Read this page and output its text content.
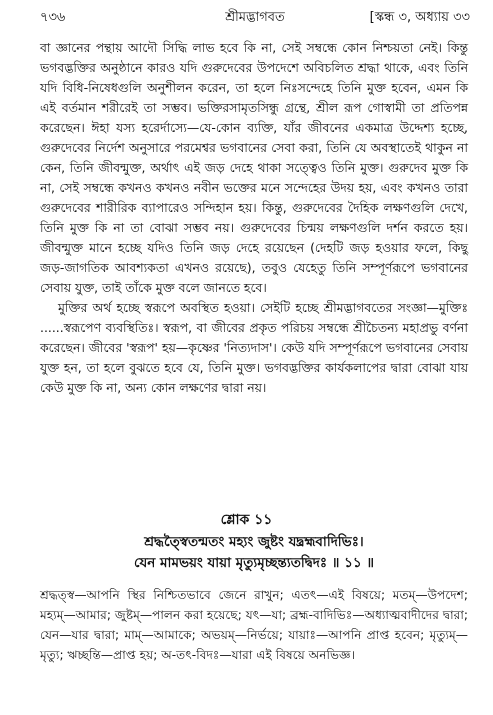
৭৩৬	শ্রীমদ্ভাগবত	[স্কন্ধ ৩, অধ্যায় ৩৩

বা জ্ঞানের পন্থায় আদৌ সিদ্ধি লাভ হবে কি না, সেই সম্বন্ধে কোন নিশ্চয়তা নেই। কিন্তু ভগবদ্ভক্তির অনুষ্ঠানে কারও যদি গুরুদেবের উপদেশে অবিচলিত শ্রদ্ধা থাকে, এবং তিনি যদি বিধি-নিষেধগুলি অনুশীলন করেন, তা হলে নিঃসন্দেহে তিনি মুক্ত হবেন, এমন কি এই বর্তমান শরীরেই তা সম্ভব। ভক্তিরসামৃতসিন্ধু গ্রন্থে, শ্রীল রূপ গোস্বামী তা প্রতিপন্ন করেছেন। ঈহা যস্য হরের্দাস্যে—যে-কোন ব্যক্তি, যাঁর জীবনের একমাত্র উদ্দেশ্য হচ্ছে, গুরুদেবের নির্দেশ অনুসারে পরমেশ্বর ভগবানের সেবা করা, তিনি যে অবস্থাতেই থাকুন না কেন, তিনি জীবন্মুক্ত, অর্থাৎ এই জড় দেহে থাকা সত্ত্বেও তিনি মুক্ত। গুরুদেব মুক্ত কি না, সেই সম্বন্ধে কখনও কখনও নবীন ভক্তের মনে সন্দেহের উদয় হয়, এবং কখনও তারা গুরুদেবের শারীরিক ব্যাপারেও সন্দিহান হয়। কিন্তু, গুরুদেবের দৈহিক লক্ষণগুলি দেখে, তিনি মুক্ত কি না তা বোঝা সম্ভব নয়। গুরুদেবের চিন্ময় লক্ষণগুলি দর্শন করতে হয়। জীবন্মুক্ত মানে হচ্ছে যদিও তিনি জড় দেহে রয়েছেন (দেহটি জড় হওয়ার ফলে, কিছু জড়-জাগতিক আবশ্যকতা এখনও রয়েছে), তবুও যেহেতু তিনি সম্পূর্ণরূপে ভগবানের সেবায় যুক্ত, তাই তাঁকে মুক্ত বলে জানতে হবে।

মুক্তির অর্থ হচ্ছে স্বরূপে অবস্থিত হওয়া। সেইটি হচ্ছে শ্রীমদ্ভাগবতের সংজ্ঞা—মুক্তিঃ ......স্বরূপেণ ব্যবস্থিতিঃ। স্বরূপ, বা জীবের প্রকৃত পরিচয় সম্বন্ধে শ্রীচৈতন্য মহাপ্রভু বর্ণনা করেছেন। জীবের 'স্বরূপ' হয়—কৃষ্ণের 'নিত্যদাস'। কেউ যদি সম্পূর্ণরূপে ভগবানের সেবায় যুক্ত হন, তা হলে বুঝতে হবে যে, তিনি মুক্ত। ভগবদ্ভক্তির কার্যকলাপের দ্বারা বোঝা যায় কেউ মুক্ত কি না, অন্য কোন লক্ষণের দ্বারা নয়।

শ্লোক ১১

শ্রদ্ধত্স্বৈতন্মতং মহ্যং জুষ্টং যদ্ব্রহ্মবাদিভিঃ।

যেন মামভয়ং যায়া মৃত্যুমৃচ্ছন্ত্যতদ্বিদঃ ॥ ১১ ॥

শ্রদ্ধত্স্ব—আপনি স্থির নিশ্চিতভাবে জেনে রাখুন; এতৎ—এই বিষয়ে; মতম্—উপদেশ; মহ্যম্—আমার; জুষ্টম্—পালন করা হয়েছে; যৎ—যা; ব্রহ্ম-বাদিভিঃ—অধ্যাত্মবাদীদের দ্বারা; যেন—যার দ্বারা; মাম্—আমাকে; অভয়ম্—নির্ভয়ে; যায়াঃ—আপনি প্রাপ্ত হবেন; মৃত্যুম্—মৃত্যু; ঋচ্ছন্তি—প্রাপ্ত হয়; অ-তৎ-বিদঃ—যারা এই বিষয়ে অনভিজ্ঞ।
